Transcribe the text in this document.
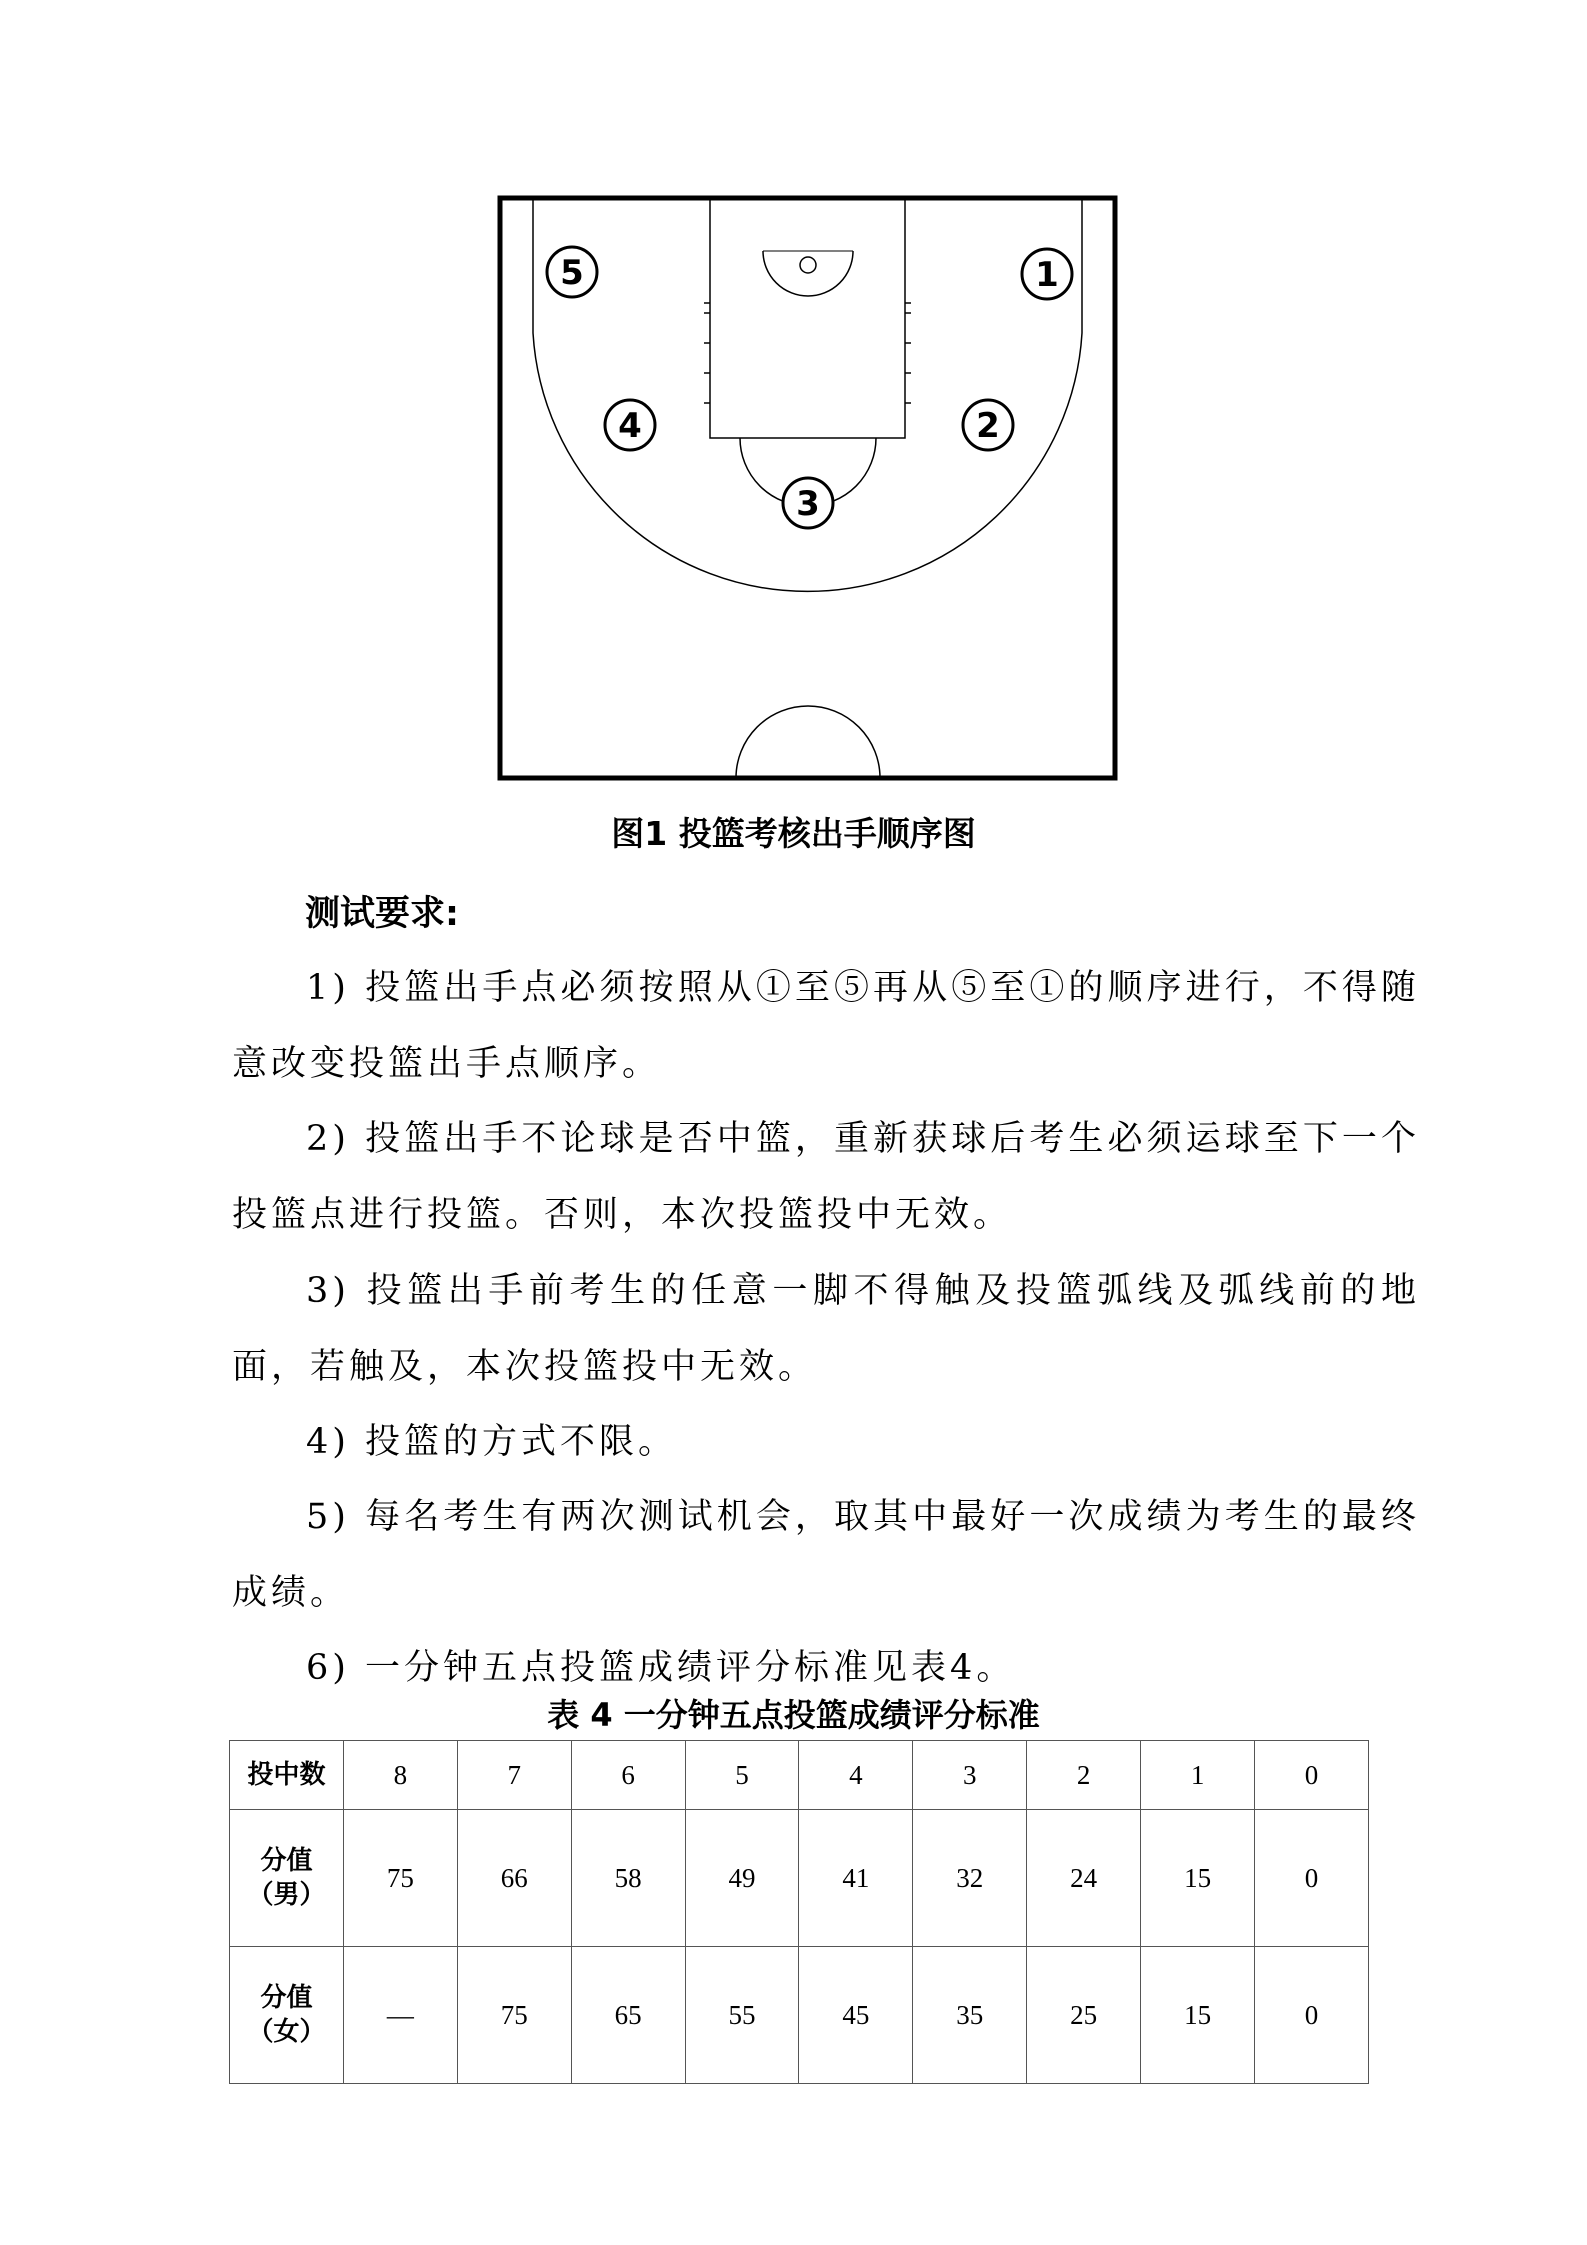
5	1
4	2
3
图1 投篮考核出手顺序图
测试要求:

1) 投篮出手点必须按照从①至⑤再从⑤至①的顺序进行，不得随意改变投篮出手点顺序。

2) 投篮出手不论球是否中篮，重新获球后考生必须运球至下一个投篮点进行投篮。否则，本次投篮投中无效。

3) 投篮出手前考生的任意一脚不得触及投篮弧线及弧线前的地面，若触及，本次投篮投中无效。

4) 投篮的方式不限。

5) 每名考生有两次测试机会，取其中最好一次成绩为考生的最终成绩。

6) 一分钟五点投篮成绩评分标准见表4。

表 4 一分钟五点投篮成绩评分标准
投中数	8	7	6	5	4	3	2	1	0
分值
（男）	75	66	58	49	41	32	24	15	0
分值
（女）	—	75	65	55	45	35	25	15	0
